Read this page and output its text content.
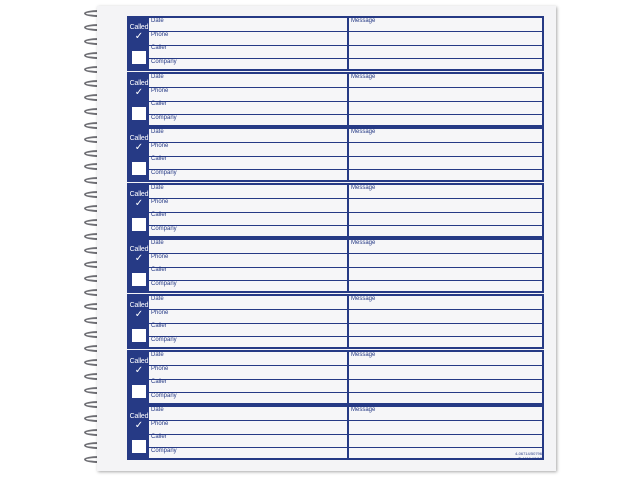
Called
✓
Date
Phone
Caller
Company
Message
Called
✓
Date
Phone
Caller
Company
Message
Called
✓
Date
Phone
Caller
Company
Message
Called
✓
Date
Phone
Caller
Company
Message
Called
✓
Date
Phone
Caller
Company
Message
Called
✓
Date
Phone
Caller
Company
Message
Called
✓
Date
Phone
Caller
Company
Message
Called
✓
Date
Phone
Caller
Company
Message
4-06714/50796
T-4416 12/12
